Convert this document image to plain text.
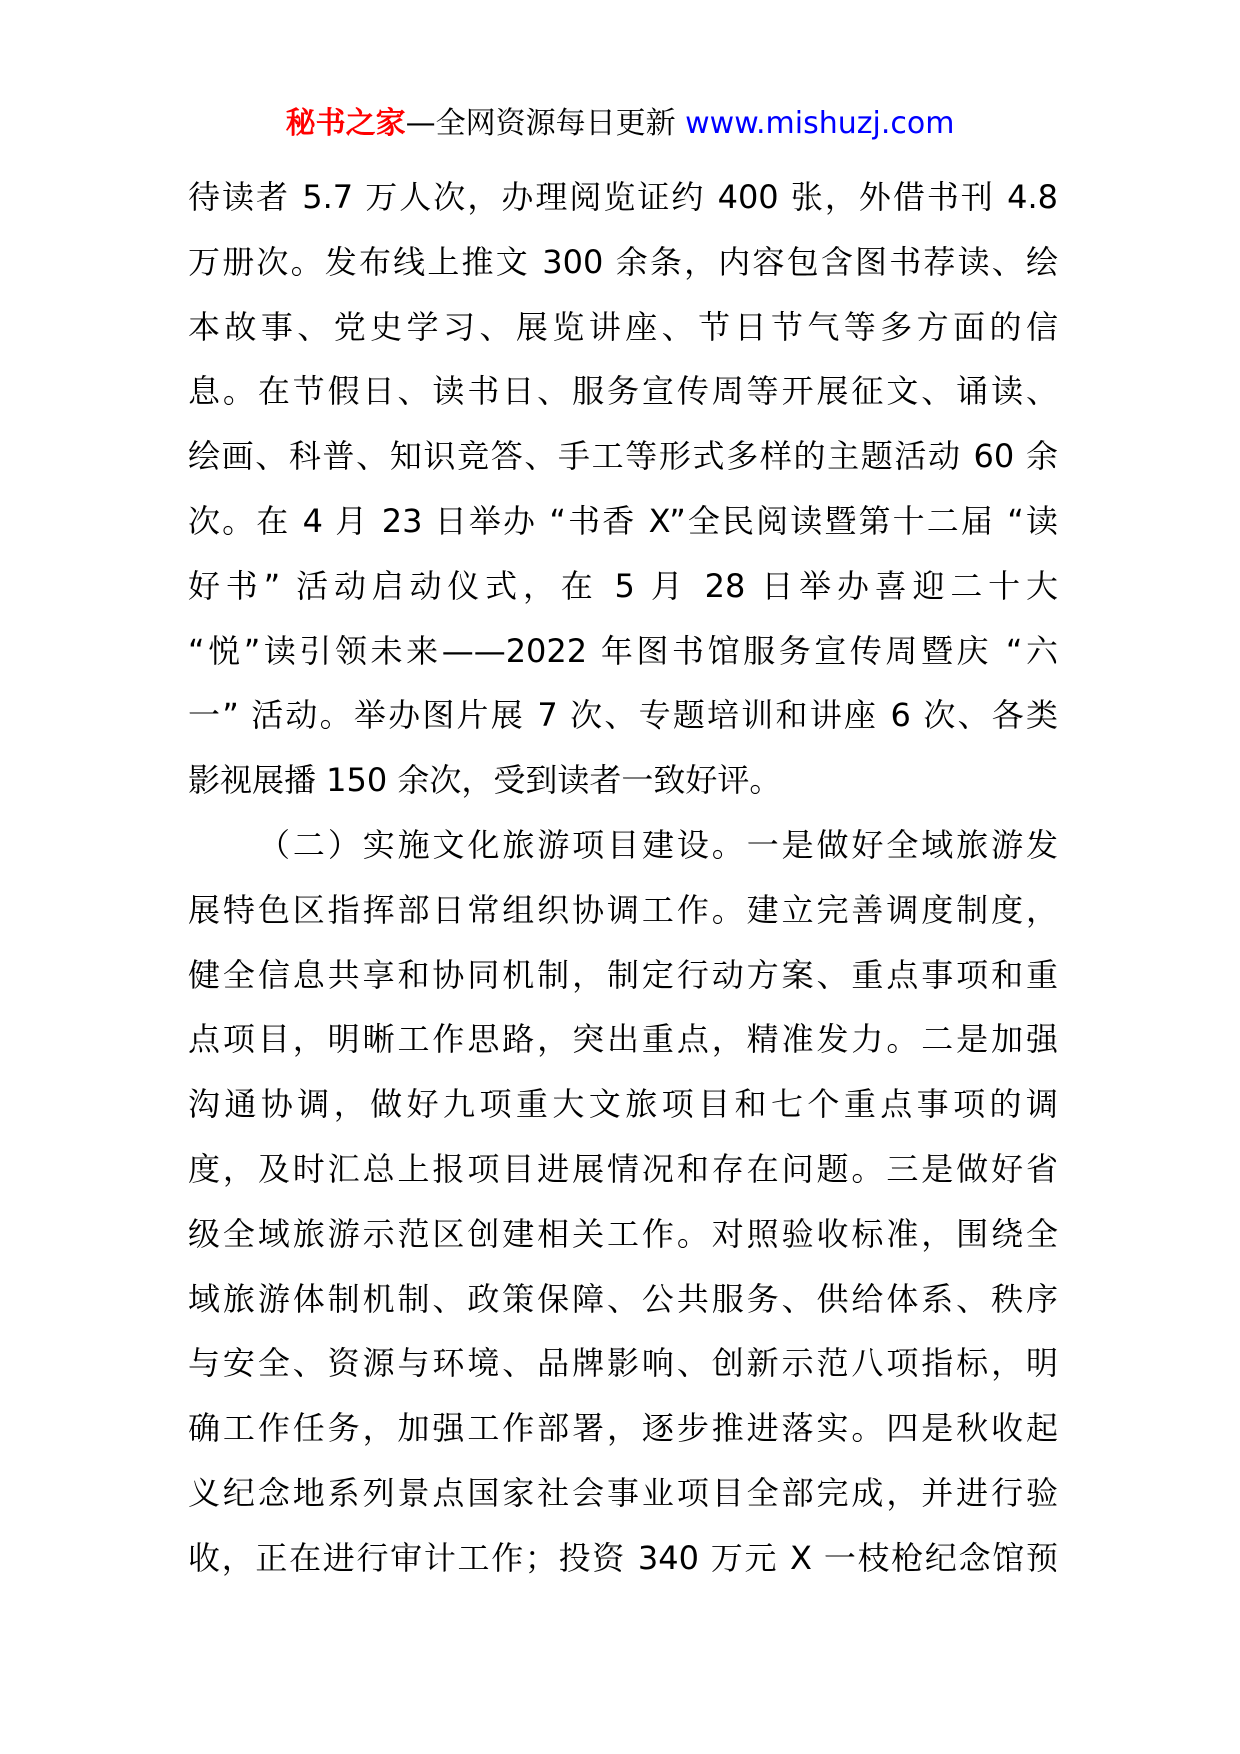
秘书之家—全网资源每日更新 www.mishuzj.com
待读者 5.7 万人次，办理阅览证约 400 张，外借书刊 4.8
万册次。发布线上推文 300 余条，内容包含图书荐读、绘
本故事、党史学习、展览讲座、节日节气等多方面的信
息。在节假日、读书日、服务宣传周等开展征文、诵读、
绘画、科普、知识竞答、手工等形式多样的主题活动 60 余
次。在 4 月 23 日举办 “书香 X”全民阅读暨第十二届 “读
好书” 活动启动仪式，在 5 月 28 日举办喜迎二十大
“悦”读引领未来——2022 年图书馆服务宣传周暨庆 “六
一” 活动。举办图片展 7 次、专题培训和讲座 6 次、各类
影视展播 150 余次，受到读者一致好评。
（二）实施文化旅游项目建设。一是做好全域旅游发
展特色区指挥部日常组织协调工作。建立完善调度制度，
健全信息共享和协同机制，制定行动方案、重点事项和重
点项目，明晰工作思路，突出重点，精准发力。二是加强
沟通协调，做好九项重大文旅项目和七个重点事项的调
度，及时汇总上报项目进展情况和存在问题。三是做好省
级全域旅游示范区创建相关工作。对照验收标准，围绕全
域旅游体制机制、政策保障、公共服务、供给体系、秩序
与安全、资源与环境、品牌影响、创新示范八项指标，明
确工作任务，加强工作部署，逐步推进落实。四是秋收起
义纪念地系列景点国家社会事业项目全部完成，并进行验
收，正在进行审计工作；投资 340 万元 X 一枝枪纪念馆预
